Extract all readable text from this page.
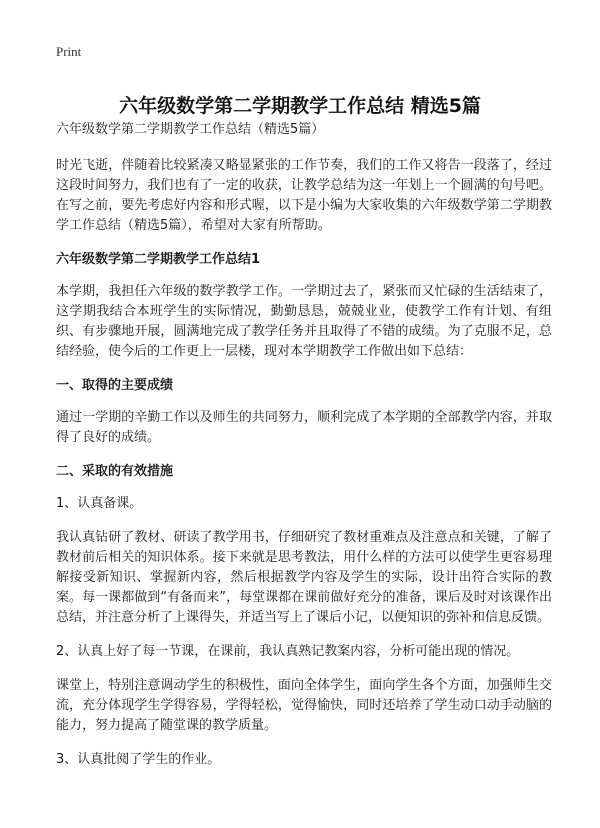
Print
六年级数学第二学期教学工作总结 精选5篇

六年级数学第二学期教学工作总结（精选5篇）

时光飞逝，伴随着比较紧凑又略显紧张的工作节奏，我们的工作又将告一段落了，经过这段时间努力，我们也有了一定的收获，让教学总结为这一年划上一个圆满的句号吧。在写之前，要先考虑好内容和形式喔，以下是小编为大家收集的六年级数学第二学期教学工作总结（精选5篇），希望对大家有所帮助。

六年级数学第二学期教学工作总结1

本学期，我担任六年级的数学教学工作。一学期过去了，紧张而又忙碌的生活结束了，这学期我结合本班学生的实际情况，勤勤恳恳，兢兢业业，使教学工作有计划、有组织、有步骤地开展，圆满地完成了教学任务并且取得了不错的成绩。为了克服不足，总结经验，使今后的工作更上一层楼，现对本学期教学工作做出如下总结：

一、取得的主要成绩

通过一学期的辛勤工作以及师生的共同努力，顺利完成了本学期的全部教学内容，并取得了良好的成绩。

二、采取的有效措施

1、认真备课。

我认真钻研了教材、研读了教学用书，仔细研究了教材重难点及注意点和关键，了解了教材前后相关的知识体系。接下来就是思考教法，用什么样的方法可以使学生更容易理解接受新知识、掌握新内容，然后根据教学内容及学生的实际，设计出符合实际的教案。每一课都做到“有备而来”，每堂课都在课前做好充分的准备，课后及时对该课作出总结，并注意分析了上课得失，并适当写上了课后小记，以便知识的弥补和信息反馈。

2、认真上好了每一节课，在课前，我认真熟记教案内容，分析可能出现的情况。

课堂上，特别注意调动学生的积极性，面向全体学生，面向学生各个方面，加强师生交流，充分体现学生学得容易，学得轻松，觉得愉快，同时还培养了学生动口动手动脑的能力，努力提高了随堂课的教学质量。

3、认真批阅了学生的作业。
